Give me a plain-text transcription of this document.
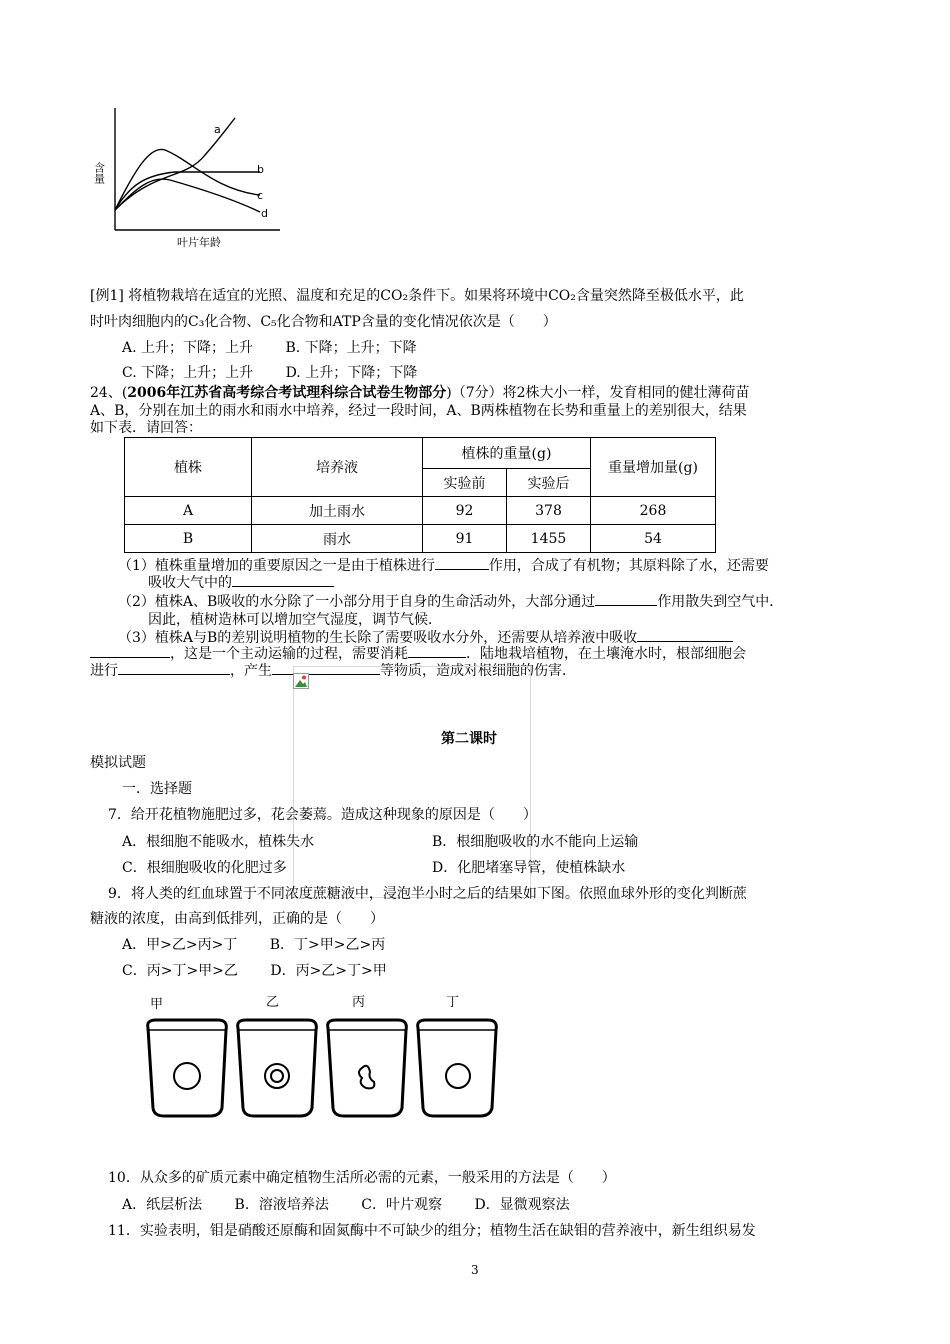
a
b
c
d
含量
叶片年龄
[例1] 将植物栽培在适宜的光照、温度和充足的CO₂条件下。如果将环境中CO₂含量突然降至极低水平，此
时叶肉细胞内的C₃化合物、C₅化合物和ATP含量的变化情况依次是（　　）
A. 上升；下降；上升　　 B. 下降；上升；下降
C. 下降；上升；上升　　 D. 上升；下降；下降
24、(2006年江苏省高考综合考试理科综合试卷生物部分)（7分）将2株大小一样，发育相同的健壮薄荷苗
A、B，分别在加土的雨水和雨水中培养，经过一段时间，A、B两株植物在长势和重量上的差别很大，结果
如下表．请回答：
植株	培养液	植株的重量(g)		重量增加量(g)
		实验前	实验后	
A	加土雨水	92	378	268
B	雨水	91	1455	54
（1）植株重量增加的重要原因之一是由于植株进行	作用，合成了有机物；其原料除了水，还需要
吸收大气中的
（2）植株A、B吸收的水分除了一小部分用于自身的生命活动外，大部分通过	作用散失到空气中．
因此，植树造林可以增加空气湿度，调节气候．
（3）植株A与B的差别说明植物的生长除了需要吸收水分外，还需要从培养液中吸收
，这是一个主动运输的过程，需要消耗	．陆地栽培植物，在土壤淹水时，根部细胞会
进行	，产生	等物质，造成对根细胞的伤害．
第二课时
模拟试题
一．选择题
7．给开花植物施肥过多，花会萎蔫。造成这种现象的原因是（　　）
A．根细胞不能吸水，植株失水	B．根细胞吸收的水不能向上运输
C．根细胞吸收的化肥过多	D．化肥堵塞导管，使植株缺水
9．将人类的红血球置于不同浓度蔗糖液中，浸泡半小时之后的结果如下图。依照血球外形的变化判断蔗
糖液的浓度，由高到低排列，正确的是（　　）
A．甲>乙>丙>丁　　 B．丁>甲>乙>丙
C．丙>丁>甲>乙　　 D．丙>乙>丁>甲
甲	乙	丙	丁
10．从众多的矿质元素中确定植物生活所必需的元素，一般采用的方法是（　　）
A．纸层析法　　 B．溶液培养法　　 C．叶片观察　　 D．显微观察法
11．实验表明，钼是硝酸还原酶和固氮酶中不可缺少的组分；植物生活在缺钼的营养液中，新生组织易发
3
